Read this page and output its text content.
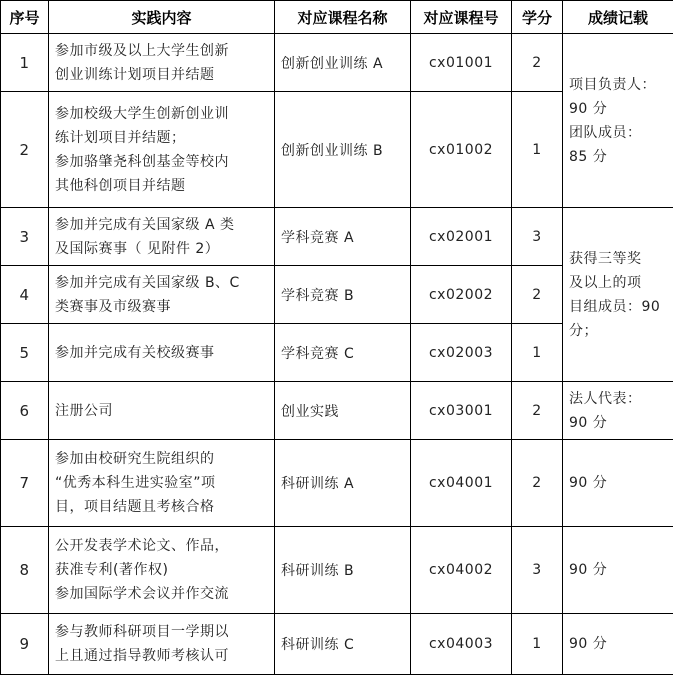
序号	实践内容	对应课程名称	对应课程号	学分	成绩记载
1	参加市级及以上大学生创新
创业训练计划项目并结题	创新创业训练 A	cx01001	2	项目负责人：
90 分
团队成员：
85 分

2	参加校级大学生创新创业训
练计划项目并结题；
参加骆肇尧科创基金等校内
其他科创项目并结题	创新创业训练 B	cx01002	1	
3	参加并完成有关国家级 A 类
及国际赛事（ 见附件 2）	学科竞赛 A	cx02001	3	获得三等奖
及以上的项
目组成员：90
分；

4	参加并完成有关国家级 B、C
类赛事及市级赛事	学科竞赛 B	cx02002	2	
5	参加并完成有关校级赛事	学科竞赛 C	cx02003	1	
6	注册公司	创业实践	cx03001	2	法人代表：
90 分

7	参加由校研究生院组织的
“优秀本科生进实验室”项
目，项目结题且考核合格	科研训练 A	cx04001	2	90 分

8	公开发表学术论文、作品，
获准专利(著作权)
参加国际学术会议并作交流	科研训练 B	cx04002	3	90 分

9	参与教师科研项目一学期以
上且通过指导教师考核认可	科研训练 C	cx04003	1	90 分
